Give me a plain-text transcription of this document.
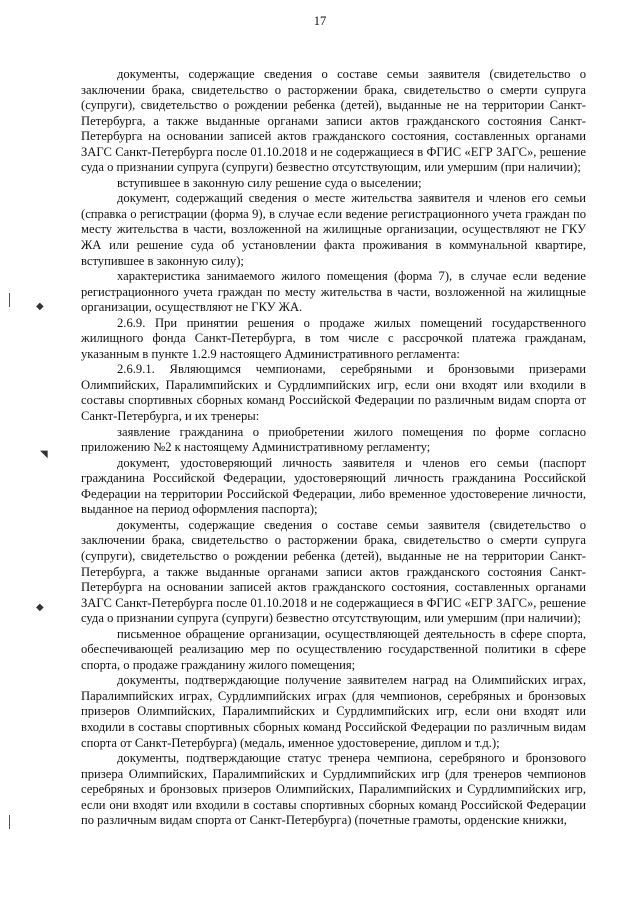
17

документы, содержащие сведения о составе семьи заявителя (свидетельство о заключении брака, свидетельство о расторжении брака, свидетельство о смерти супруга (супруги), свидетельство о рождении ребенка (детей), выданные не на территории Санкт-Петербурга, а также выданные органами записи актов гражданского состояния Санкт-Петербурга на основании записей актов гражданского состояния, составленных органами ЗАГС Санкт-Петербурга после 01.10.2018 и не содержащиеся в ФГИС «ЕГР ЗАГС», решение суда о признании супруга (супруги) безвестно отсутствующим, или умершим (при наличии);

вступившее в законную силу решение суда о выселении;

документ, содержащий сведения о месте жительства заявителя и членов его семьи (справка о регистрации (форма 9), в случае если ведение регистрационного учета граждан по месту жительства в части, возложенной на жилищные организации, осуществляют не ГКУ ЖА или решение суда об установлении факта проживания в коммунальной квартире, вступившее в законную силу);

характеристика занимаемого жилого помещения (форма 7), в случае если ведение регистрационного учета граждан по месту жительства в части, возложенной на жилищные организации, осуществляют не ГКУ ЖА.

2.6.9. При принятии решения о продаже жилых помещений государственного жилищного фонда Санкт-Петербурга, в том числе с рассрочкой платежа гражданам, указанным в пункте 1.2.9 настоящего Административного регламента:

2.6.9.1. Являющимся чемпионами, серебряными и бронзовыми призерами Олимпийских, Паралимпийских и Сурдлимпийских игр, если они входят или входили в составы спортивных сборных команд Российской Федерации по различным видам спорта от Санкт-Петербурга, и их тренеры:

заявление гражданина о приобретении жилого помещения по форме согласно приложению №2 к настоящему Административному регламенту;

документ, удостоверяющий личность заявителя и членов его семьи (паспорт гражданина Российской Федерации, удостоверяющий личность гражданина Российской Федерации на территории Российской Федерации, либо временное удостоверение личности, выданное на период оформления паспорта);

документы, содержащие сведения о составе семьи заявителя (свидетельство о заключении брака, свидетельство о расторжении брака, свидетельство о смерти супруга (супруги), свидетельство о рождении ребенка (детей), выданные не на территории Санкт-Петербурга, а также выданные органами записи актов гражданского состояния Санкт-Петербурга на основании записей актов гражданского состояния, составленных органами ЗАГС Санкт-Петербурга после 01.10.2018 и не содержащиеся в ФГИС «ЕГР ЗАГС», решение суда о признании супруга (супруги) безвестно отсутствующим, или умершим (при наличии);

письменное обращение организации, осуществляющей деятельность в сфере спорта, обеспечивающей реализацию мер по осуществлению государственной политики в сфере спорта, о продаже гражданину жилого помещения;

документы, подтверждающие получение заявителем наград на Олимпийских играх, Паралимпийских играх, Сурдлимпийских играх (для чемпионов, серебряных и бронзовых призеров Олимпийских, Паралимпийских и Сурдлимпийских игр, если они входят или входили в составы спортивных сборных команд Российской Федерации по различным видам спорта от Санкт-Петербурга) (медаль, именное удостоверение, диплом и т.д.);

документы, подтверждающие статус тренера чемпиона, серебряного и бронзового призера Олимпийских, Паралимпийских и Сурдлимпийских игр (для тренеров чемпионов серебряных и бронзовых призеров Олимпийских, Паралимпийских и Сурдлимпийских игр, если они входят или входили в составы спортивных сборных команд Российской Федерации по различным видам спорта от Санкт-Петербурга) (почетные грамоты, орденские книжки,

◆
◥
◆
